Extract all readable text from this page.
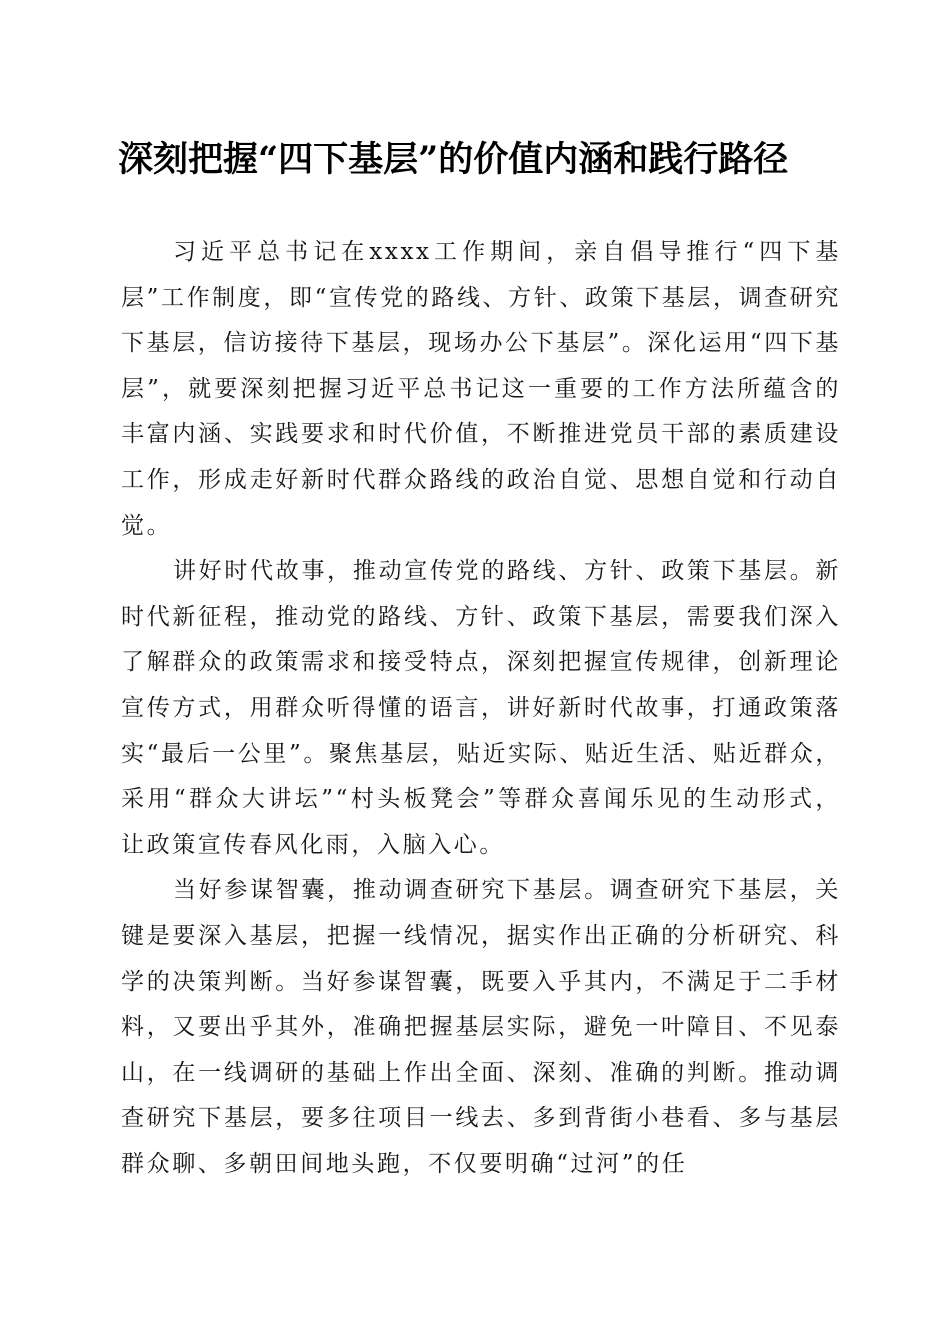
深刻把握“四下基层”的价值内涵和践行路径

习近平总书记在xxxx工作期间，亲自倡导推行“四下基层”工作制度，即“宣传党的路线、方针、政策下基层，调查研究下基层，信访接待下基层，现场办公下基层”。深化运用“四下基层”，就要深刻把握习近平总书记这一重要的工作方法所蕴含的丰富内涵、实践要求和时代价值，不断推进党员干部的素质建设工作，形成走好新时代群众路线的政治自觉、思想自觉和行动自觉。

讲好时代故事，推动宣传党的路线、方针、政策下基层。新时代新征程，推动党的路线、方针、政策下基层，需要我们深入了解群众的政策需求和接受特点，深刻把握宣传规律，创新理论宣传方式，用群众听得懂的语言，讲好新时代故事，打通政策落实“最后一公里”。聚焦基层，贴近实际、贴近生活、贴近群众，采用“群众大讲坛”“村头板凳会”等群众喜闻乐见的生动形式，让政策宣传春风化雨，入脑入心。

当好参谋智囊，推动调查研究下基层。调查研究下基层，关键是要深入基层，把握一线情况，据实作出正确的分析研究、科学的决策判断。当好参谋智囊，既要入乎其内，不满足于二手材料，又要出乎其外，准确把握基层实际，避免一叶障目、不见泰山，在一线调研的基础上作出全面、深刻、准确的判断。推动调查研究下基层，要多往项目一线去、多到背街小巷看、多与基层群众聊、多朝田间地头跑，不仅要明确“过河”的任
